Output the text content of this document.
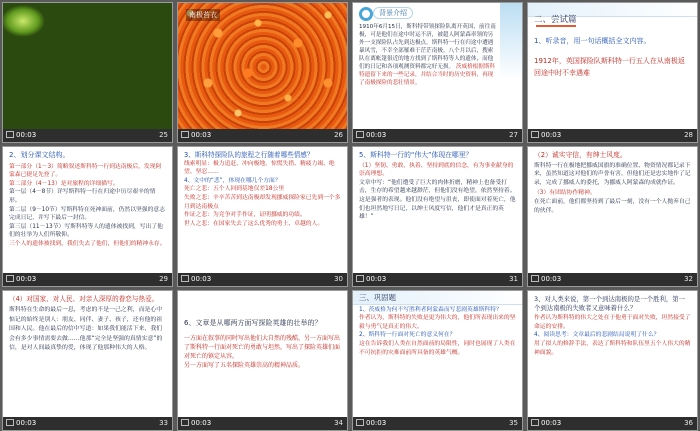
00:03	25
南极苔衣
00:03	26
背景介绍
1910年6月15日，斯科特带领探险队离开英国，前往南极，可是他们在途中时运不济，被超人阿蒙森率领的另外一支探险队占先到达极点。斯科特一行在归途中遭遇暴风雪，不幸全部罹难于茫茫南极。八个月以后，搜索队在离帐篷很近的地方找到了斯科特等人的遗体，而他们的日记和各项观测资料都完好无损。 茨威格根据斯科特遗留下来的一些记录，并结合当时的历史资料，再现了南极探险的悲壮情景。
00:03	27
二、尝试篇
1、听录音，用一句话概括全文内容。
1912年，英国探险队斯科特一行五人在从南极返回途中时不幸遇难
00:03	28
2、划分课文结构。
第一部分（1－3）简略叙述斯科特一行到达南极后，发现阿蒙森已捷足先登了。
第二部分（4－13）是对旅程的详细描写。
第一层（4－8节）详写斯科特一行在归途中历尽艰辛的情形。
第二层（9－10节）写斯科特在死神面前，仍然以坚强的意志完成日记，并写下最后一封信。
第三层（11－13节）写斯科特等人的遗体被找到，写出了他们的壮举为人们所敬仰。
三个人的遗体被找到，我们失去了他们，但他们的精神永存。
00:03	29
3、斯科特探险队的旅程之行随着哪些情感？
线索明显：极力追赶、冲向极地，惊慌失措、精疲力竭、绝望、坚忍……
4、文中的“悲”，体现在哪几个方面？
死亡之悲：五个人回到基地仅差18公里
失败之悲：辛辛苦苦到达南极却发现挪威探险家已先到一个多月到达南极点
作证之悲：为竞争对手作证，证明挪威的功绩。
世人之悲：在国家失去了这么优秀的勇士、卓越的人。
00:03	30
5、斯科特一行的“伟大”体现在哪里？
（1）坚韧、勇敢、执着、坚持到底的信念，有为事业献身的崇高理想。
文章中写：“他们遭受了巨大的肉体折磨，精神上也备受打击，生存的希望越来越渺茫，但他们没有绝望，依然坚持着。这是强者的表现。他们没有绝望与沮丧，即使面对着死亡，他们也坦然地写日记，以绅士风度写信，他们才是真正的英雄！”
00:03	31
（2）诚实守信，有绅士风度。
斯科特一行在极地把挪威国旗的准确位置、物资情况都记录下来，虽然知道这对他们的声誉有害，但他们还是忠实地作了记录，完成了挪威人的委托，为挪威人阿蒙森的成就作证。
（3）有团结协作精神。
在死亡面前，他们都坚持到了最后一刻，没有一个人抛弃自己的伙伴。
00:03	32
（4）对国家、对人民、对亲人深厚的眷恋与热爱。
斯科特在生命的最后一息，考虑的不是一己之利，而是心中惦记的始终是别人：朋友、同伴、妻子、孩子，还有他的祖国和人民。他在最后的信中写道：如果我们能活下来，我们会有多少事情需要去做……他那“完全是坚强的真情实意”的信，是对人间最真挚的爱，体现了他那种伟大的人格。
00:03	33
6、文章是从哪两方面写探险英雄的壮举的？
一方面在叙事的同时写出他们大自然的残酷，另一方面写出了斯科特一行面对死亡的勇敢与坦然，写出了探险英雄们面对死亡的镇定从容。
另一方面写了五名探险英雄崇高的精神品质。
00:03	34
三、巩固题
1、茨威格为何不写胜利者阿蒙森而写悲剧英雄斯科特？
作者认为，斯科特的失败是更为伟大的，他们所表现出来的坚毅与勇气是真正的伟大。
2、斯科特一行面对死亡的意义何在？
这在告诉我们人类在自然面前的局限性，同时也展现了人类在不可抗拒的灾难面前所具备的英雄气概。
00:03	35
3、对人类来说，第一个到达南极的是一个胜利，第一个到达南极的失败者又意味着什么？
作者认为斯科特的伟大之处在于他勇于面对失败，坦然接受了命运的安排。
4、阅读思考：文章最后的悲剧结局说明了什么？
用了拟人的修辞手法，表达了斯科特和队伍里五个人伟大的精神面貌。
00:03	36
